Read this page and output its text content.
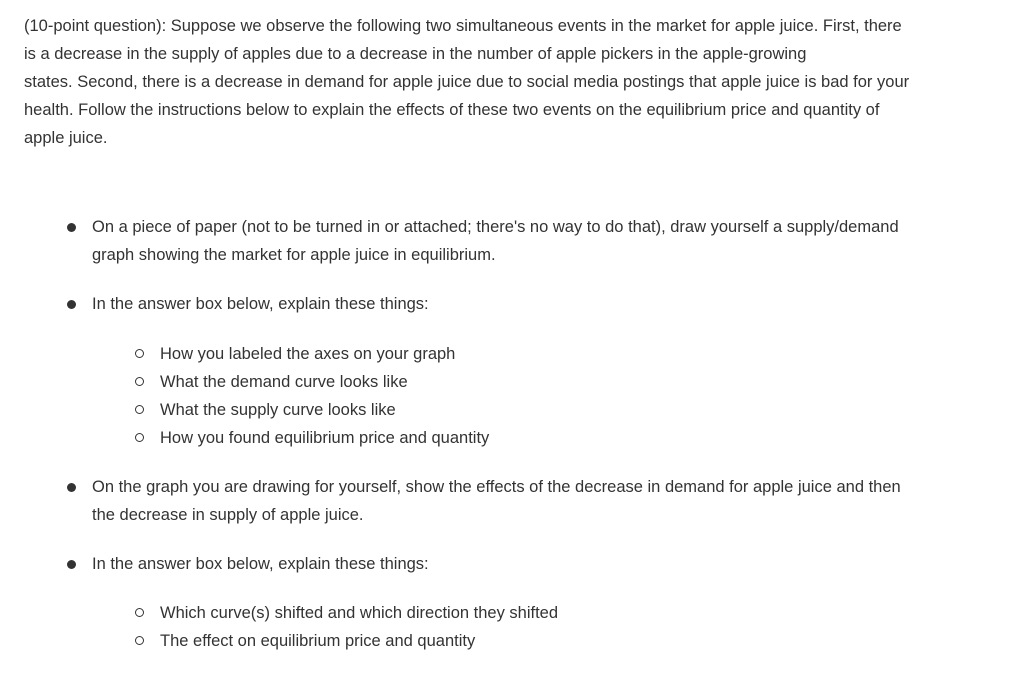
(10-point question): Suppose we observe the following two simultaneous events in the market for apple juice. First, there
is a decrease in the supply of apples due to a decrease in the number of apple pickers in the apple-growing
states. Second, there is a decrease in demand for apple juice due to social media postings that apple juice is bad for your
health. Follow the instructions below to explain the effects of these two events on the equilibrium price and quantity of
apple juice.

On a piece of paper (not to be turned in or attached; there's no way to do that), draw yourself a supply/demand
graph showing the market for apple juice in equilibrium.
In the answer box below, explain these things:
How you labeled the axes on your graph
What the demand curve looks like
What the supply curve looks like
How you found equilibrium price and quantity
On the graph you are drawing for yourself, show the effects of the decrease in demand for apple juice and then
the decrease in supply of apple juice.
In the answer box below, explain these things:
Which curve(s) shifted and which direction they shifted
The effect on equilibrium price and quantity
